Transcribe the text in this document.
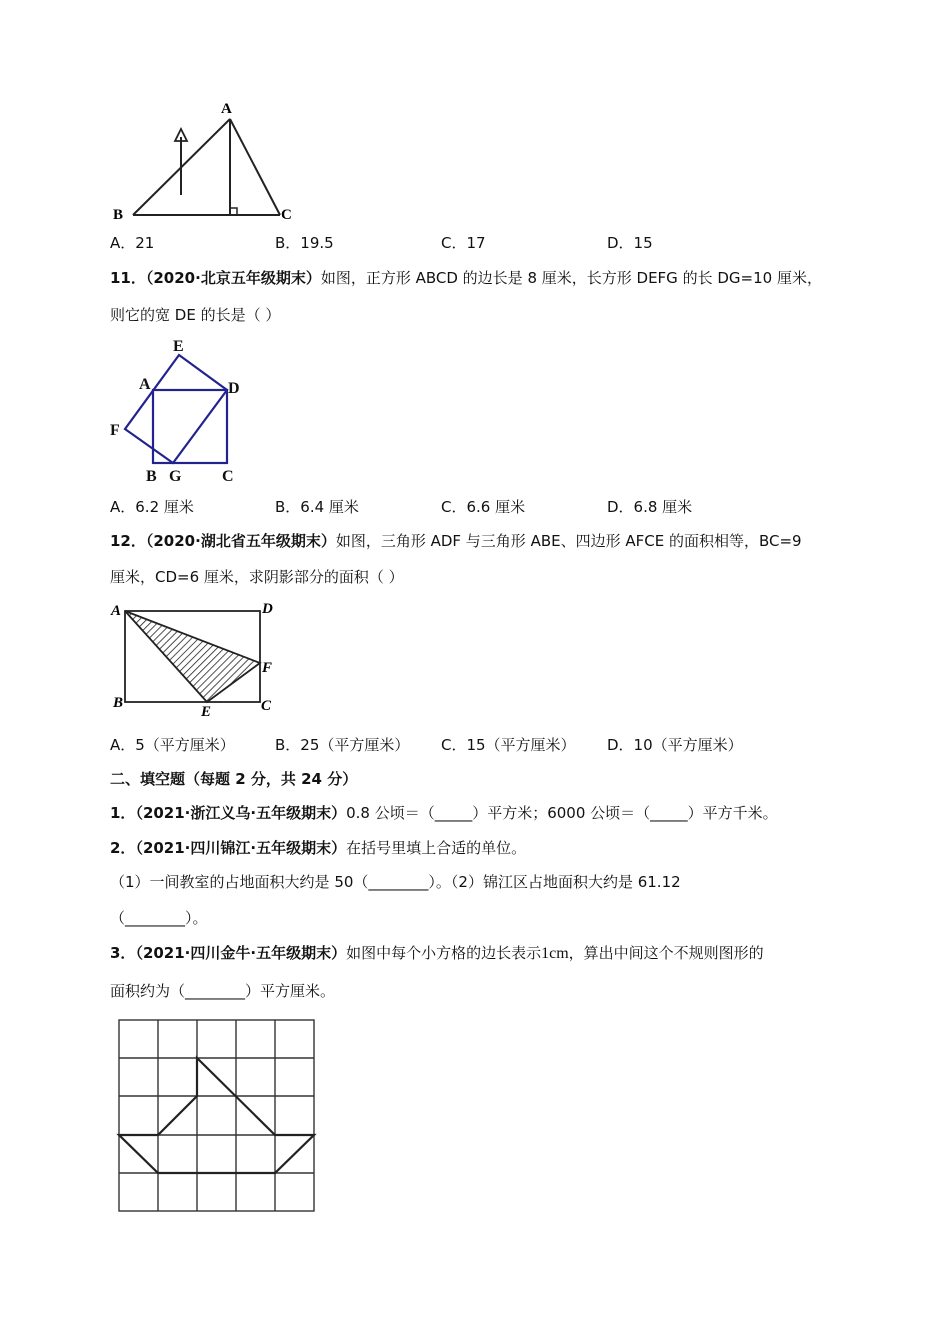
A
B	C
A．21	B．19.5	C．17	D．15
11．（2020·北京五年级期末）如图，正方形 ABCD 的边长是 8 厘米，长方形 DEFG 的长 DG=10 厘米，
则它的宽 DE 的长是（ ）
E
A	D
F
B G	C
A．6.2 厘米	B．6.4 厘米	C．6.6 厘米	D．6.8 厘米
12．（2020·湖北省五年级期末）如图，三角形 ADF 与三角形 ABE、四边形 AFCE 的面积相等，BC=9
厘米，CD=6 厘米，求阴影部分的面积（ ）
A	D
F
B
E	C
A．5（平方厘米）	B．25（平方厘米） C．15（平方厘米） D．10（平方厘米）
二、填空题（每题 2 分，共 24 分）
1．（2021·浙江义乌·五年级期末）0.8 公顷＝（_____）平方米；6000 公顷＝（_____）平方千米。
2．（2021·四川锦江·五年级期末）在括号里填上合适的单位。
（1）一间教室的占地面积大约是 50（________）。（2）锦江区占地面积大约是 61.12
（________）。
3．（2021·四川金牛·五年级期末）如图中每个小方格的边长表示1cm，算出中间这个不规则图形的
面积约为（________）平方厘米。
